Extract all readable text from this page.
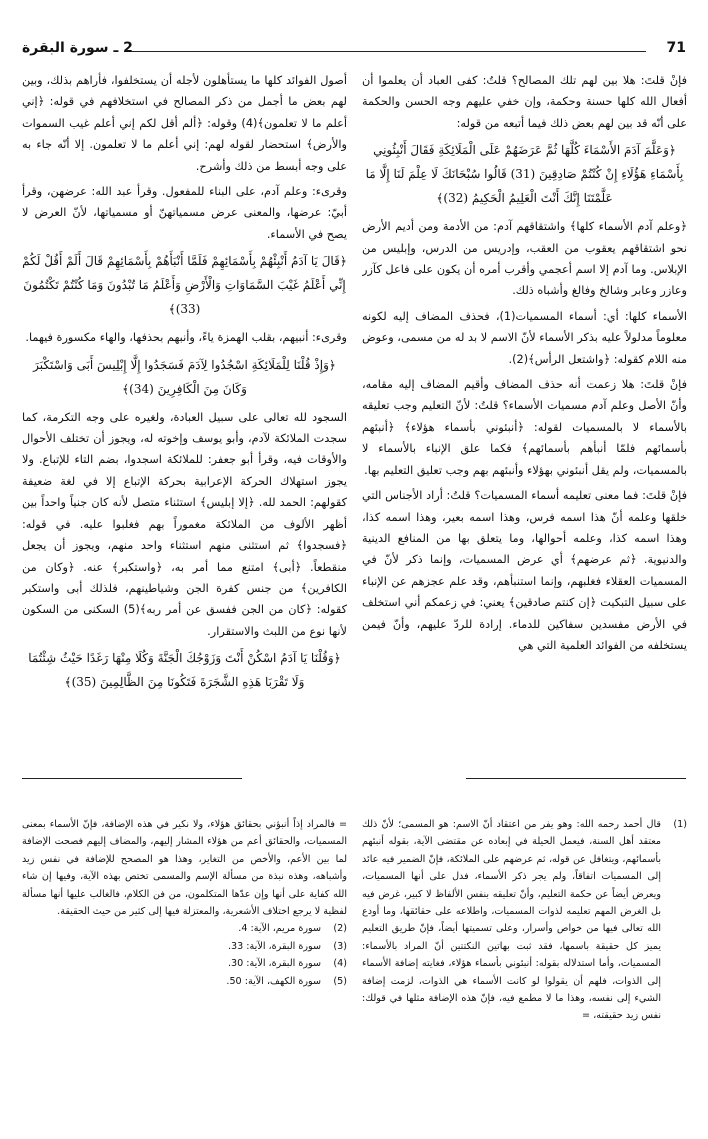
71
2 ـ سورة البقرة

فإنْ قلتَ: هلا بين لهم تلك المصالح؟ قلتُ: كفى العباد أن يعلموا أن أفعال الله كلها حسنة وحكمة، وإن خفي عليهم وجه الحسن والحكمة على أنّه قد بين لهم بعض ذلك فيما أتبعه من قوله:

﴿وَعَلَّمَ آدَمَ الأَسْمَاءَ كُلَّهَا ثُمَّ عَرَضَهُمْ عَلَى الْمَلَائِكَةِ فَقَالَ أَنْبِئُونِي بِأَسْمَاءِ هَؤُلَاءِ إِنْ كُنْتُمْ صَادِقِينَ (31) قَالُوا سُبْحَانَكَ لَا عِلْمَ لَنَا إِلَّا مَا عَلَّمْتَنَا إِنَّكَ أَنْتَ الْعَلِيمُ الْحَكِيمُ (32)﴾

﴿وعلم آدم الأسماء كلها﴾ واشتقاقهم آدم: من الأدمة ومن أديم الأرض نحو اشتقاقهم يعقوب من العقب، وإدريس من الدرس، وإبليس من الإبلاس. وما آدم إلا اسم أعجمي وأقرب أمره أن يكون على فاعل كآزر وعازر وعابر وشالخ وفالغ وأشباه ذلك.

الأسماء كلها: أي: أسماء المسميات(1)، فحذف المضاف إليه لكونه معلوماً مدلولاً عليه بذكر الأسماء لأنّ الاسم لا بد له من مسمى، وعوض منه اللام كقوله: ﴿واشتعل الرأس﴾(2).

فإنْ قلتَ: هلا زعمت أنه حذف المضاف وأقيم المضاف إليه مقامه، وأنّ الأصل وعلم آدم مسميات الأسماء؟ قلتُ: لأنّ التعليم وجب تعليقه بالأسماء لا بالمسميات لقوله: ﴿أنبئوني بأسماء هؤلاء﴾ ﴿أنبئهم بأسمائهم فلمّا أنبأهم بأسمائهم﴾ فكما علق الإنباء بالأسماء لا بالمسميات، ولم يقل أنبئوني بهؤلاء وأنبئهم بهم وجب تعليق التعليم بها.

فإنْ قلتَ: فما معنى تعليمه أسماء المسميات؟ قلتُ: أراد الأجناس التي خلقها وعلمه أنّ هذا اسمه فرس، وهذا اسمه بعير، وهذا اسمه كذا، وهذا اسمه كذا، وعلمه أحوالها، وما يتعلق بها من المنافع الدينية والدنيوية. ﴿ثم عرضهم﴾ أي عرض المسميات، وإنما ذكر لأنّ في المسميات العقلاء فغلبهم، وإنما استنبأهم، وقد علم عجزهم عن الإنباء على سبيل التبكيت ﴿إن كنتم صادقين﴾ يعني: في زعمكم أني استخلف في الأرض مفسدين سفاكين للدماء. إرادة للردّ عليهم، وأنّ فيمن يستخلفه من الفوائد العلمية التي هي

أصول الفوائد كلها ما يستأهلون لأجله أن يستخلفوا، فأراهم بذلك، وبين لهم بعض ما أجمل من ذكر المصالح في استخلافهم في قوله: ﴿إني أعلم ما لا تعلمون﴾(4) وقوله: ﴿ألم أقل لكم إني أعلم غيب السموات والأرض﴾ استحضار لقوله لهم: إني أعلم ما لا تعلمون. إلا أنّه جاء به على وجه أبسط من ذلك وأشرح.

وقرىء: وعلم آدم، على البناء للمفعول. وقرأ عبد الله: عرضهن، وقرأ أبيّ: عرضها، والمعنى عرض مسمياتهنّ أو مسمياتها، لأنّ العرض لا يصح في الأسماء.

﴿قَالَ يَا آدَمُ أَنْبِئْهُمْ بِأَسْمَائِهِمْ فَلَمَّا أَنْبَأَهُمْ بِأَسْمَائِهِمْ قَالَ أَلَمْ أَقُلْ لَكُمْ إِنِّي أَعْلَمُ غَيْبَ السَّمَاوَاتِ وَالْأَرْضِ وَأَعْلَمُ مَا تُبْدُونَ وَمَا كُنْتُمْ تَكْتُمُونَ (33)﴾

وقرىء: أنبيهم، بقلب الهمزة ياءً، وأنبهم بحذفها، والهاء مكسورة فيهما.

﴿وَإِذْ قُلْنَا لِلْمَلَائِكَةِ اسْجُدُوا لِآدَمَ فَسَجَدُوا إِلَّا إِبْلِيسَ أَبَى وَاسْتَكْبَرَ وَكَانَ مِنَ الْكَافِرِينَ (34)﴾

السجود لله تعالى على سبيل العبادة، ولغيره على وجه التكرمة، كما سجدت الملائكة لآدم، وأبو يوسف وإخوته له، ويجوز أن تختلف الأحوال والأوقات فيه، وقرأ أبو جعفر: للملائكة اسجدوا، بضم التاء للإتباع. ولا يجوز استهلاك الحركة الإعرابية بحركة الإتباع إلا في لغة ضعيفة كقولهم: الحمد لله. ﴿إلا إبليس﴾ استثناء متصل لأنه كان جنياً واحداً بين أظهر الألوف من الملائكة مغموراً بهم فغلبوا عليه. في قوله: ﴿فسجدوا﴾ ثم استثنى منهم استثناء واحد منهم، ويجوز أن يجعل منقطعاً. ﴿أبى﴾ امتنع مما أمر به، ﴿واستكبر﴾ عنه. ﴿وكان من الكافرين﴾ من جنس كفرة الجن وشياطينهم، فلذلك أبى واستكبر كقوله: ﴿كان من الجن ففسق عن أمر ربه﴾(5) السكنى من السكون لأنها نوع من اللبث والاستقرار.

﴿وَقُلْنَا يَا آدَمُ اسْكُنْ أَنْتَ وَزَوْجُكَ الْجَنَّةَ وَكُلَا مِنْهَا رَغَدًا حَيْثُ شِئْتُمَا وَلَا تَقْرَبَا هَذِهِ الشَّجَرَةَ فَتَكُونَا مِنَ الظَّالِمِينَ (35)﴾
(1)
قال أحمد رحمه الله: وهو يفر من اعتقاد أنّ الاسم: هو المسمى؛ لأنّ ذلك معتقد أهل السنة، فيعمل الحيلة في إبعاده عن مقتضى الآية، بقوله أنبئهم بأسمائهم، ويتغافل عن قوله، ثم عرضهم على الملائكة، فإنّ الضمير فيه عائد إلى المسميات اتفاقاً، ولم يجر ذكر الأسماء، فدل على أنها المسميات، ويعرض أيضاً عن حكمة التعليم، وأنّ تعليقه بنفس الألفاظ لا كبير، غرض فيه بل الغرض المهم تعليمه لذوات المسميات، واطلاعه على حقائقها، وما أودع الله تعالى فيها من خواص وأسرار، وعلى تسميتها أيضاً، فإنّ طريق التعليم يميز كل حقيقة باسمها، فقد ثبت بهاتين النكتتين أنّ المراد بالأسماء: المسميات، وأما استدلاله بقوله: أنبئوني بأسماء هؤلاء، فغايته إضافة الأسماء إلى الذوات، فلهم أن يقولوا لو كانت الأسماء هي الذوات، لزمت إضافة الشيء إلى نفسه، وهذا ما لا مطمع فيه، فإنّ هذه الإضافة مثلها في قولك: نفس زيد حقيقته، =

= فالمراد إذاً أنبؤني بحقائق هؤلاء، ولا نكير في هذه الإضافة، فإنّ الأسماء بمعنى المسميات، والحقائق أعم من هؤلاء المشار إليهم، والمضاف إليهم فصحت الإضافة لما بين الأعم، والأخص من التغاير، وهذا هو المصحح للإضافة في نفس زيد وأشباهه، وهذه نبذة من مسألة الإسم والمسمى تختص بهذه الآية، وفيها إن شاء الله كفاية على أنها وإن عدّها المتكلمون، من فن الكلام، فالغالب عليها أنها مسألة لفظية لا يرجع اختلاف الأشعرية، والمعتزلة فيها إلى كثير من حيث الحقيقة.

(2)
سورة مريم، الآية: 4.
(3)
سورة البقرة، الآية: 33.
(4)
سورة البقرة، الآية: 30.
(5)
سورة الكهف، الآية: 50.
